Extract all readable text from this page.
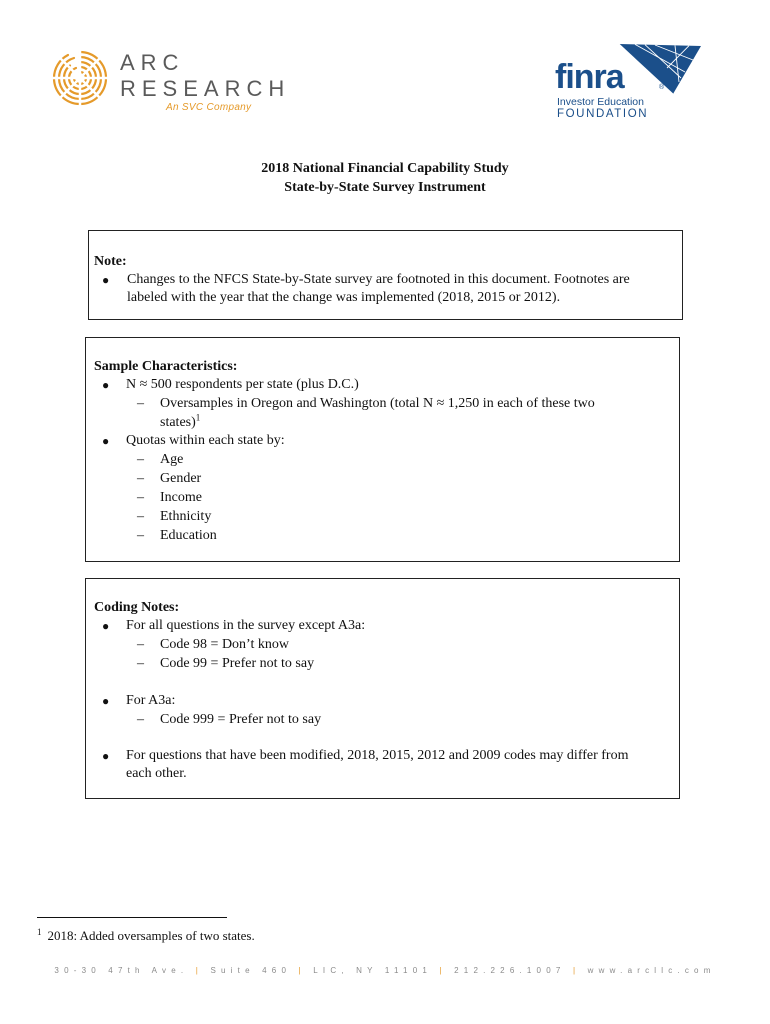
ARC
RESEARCH
An SVC Company
finra	®
Investor Education
FOUNDATION
2018 National Financial Capability Study
State-by-State Survey Instrument
Note:
● Changes to the NFCS State-by-State survey are footnoted in this document. Footnotes are
labeled with the year that the change was implemented (2018, 2015 or 2012).
Sample Characteristics:
● N ≈ 500 respondents per state (plus D.C.)
– Oversamples in Oregon and Washington (total N ≈ 1,250 in each of these two
states)$^1$
● Quotas within each state by:
– Age
– Gender
– Income
– Ethnicity
– Education
Coding Notes:
● For all questions in the survey except A3a:
– Code 98 = Don’t know
– Code 99 = Prefer not to say
● For A3a:
– Code 999 = Prefer not to say
● For questions that have been modified, 2018, 2015, 2012 and 2009 codes may differ from
each other.
$^1$ 2018: Added oversamples of two states.
30-30 47th Ave. | Suite 460 | LIC, NY 11101 | 212.226.1007 | www.arcllc.com
